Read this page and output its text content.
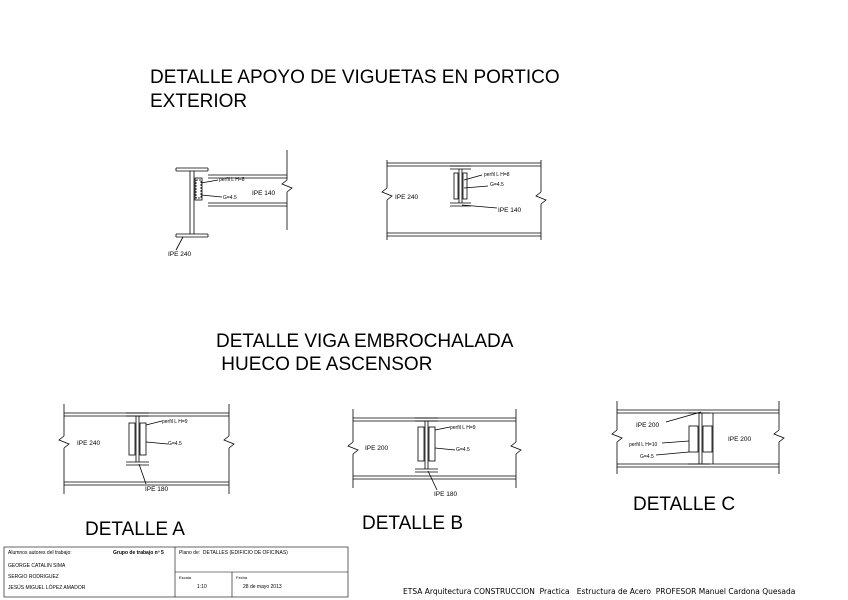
DETALLE APOYO DE VIGUETAS EN PORTICO
EXTERIOR
DETALLE VIGA EMBROCHALADA
HUECO DE ASCENSOR
DETALLE A	DETALLE B
DETALLE C
perfil L H=8
G=4.5
IPE 140
IPE 240
perfil L H=8
G=4.5
IPE 240
IPE 140
IPE 240
perfil L H=9
G=4.5
IPE 180
IPE 200
perfil L H=9
G=4.5
IPE 180
IPE 200
IPE 200
perfil L H=10
G=4.5
Alumnos autores del trabajo:	Grupo de trabajo nº 5
GEORGE CATALIN SIMA
SERGIO RODRIGUEZ
JESÚS MIGUEL LÓPEZ AMADOR
Plano de:  DETALLES (EDIFICIO DE OFICINAS)
Escala
1:10
Fecha
28 de mayo 2013	ETSA Arquitectura CONSTRUCCION  Practica   Estructura de Acero  PROFESOR Manuel Cardona Quesada
